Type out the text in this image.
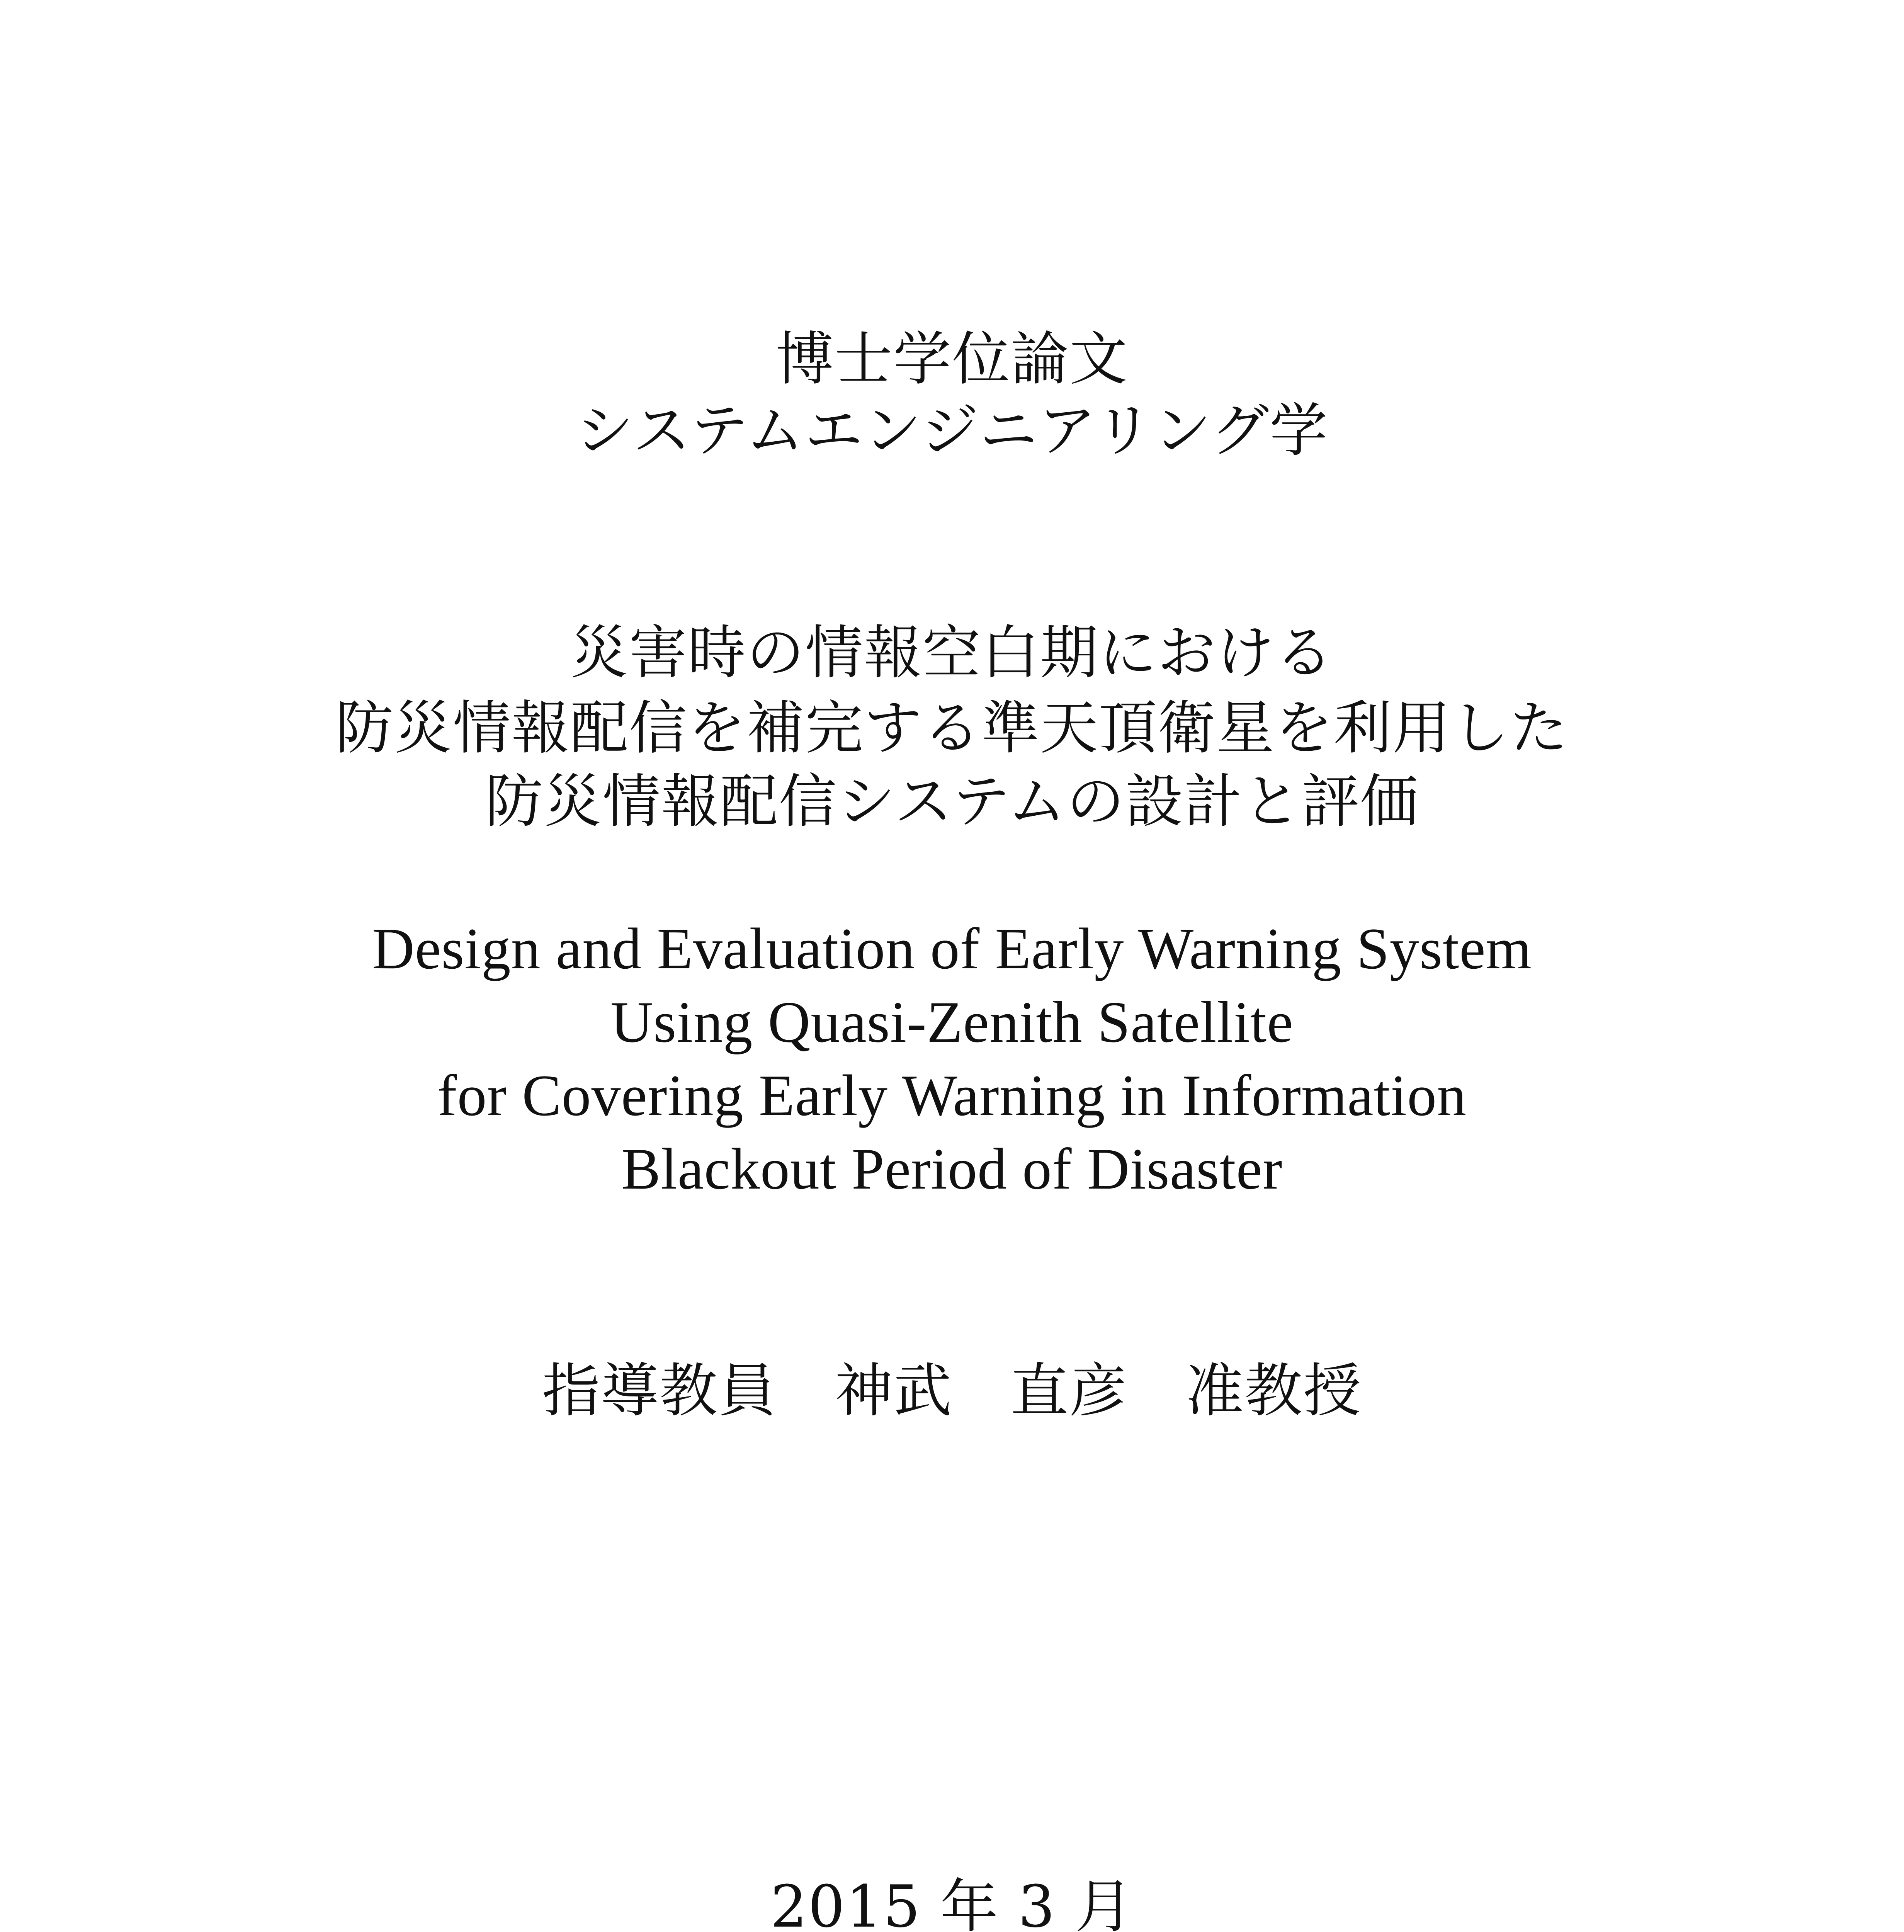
博士学位論文
システムエンジニアリング学
災害時の情報空白期における
防災情報配信を補完する準天頂衛星を利用した
防災情報配信システムの設計と評価
Design and Evaluation of Early Warning System
Using Quasi-Zenith Satellite
for Covering Early Warning in Information
Blackout Period of Disaster
指導教員 神武 直彦 准教授
2015 年 3 月
